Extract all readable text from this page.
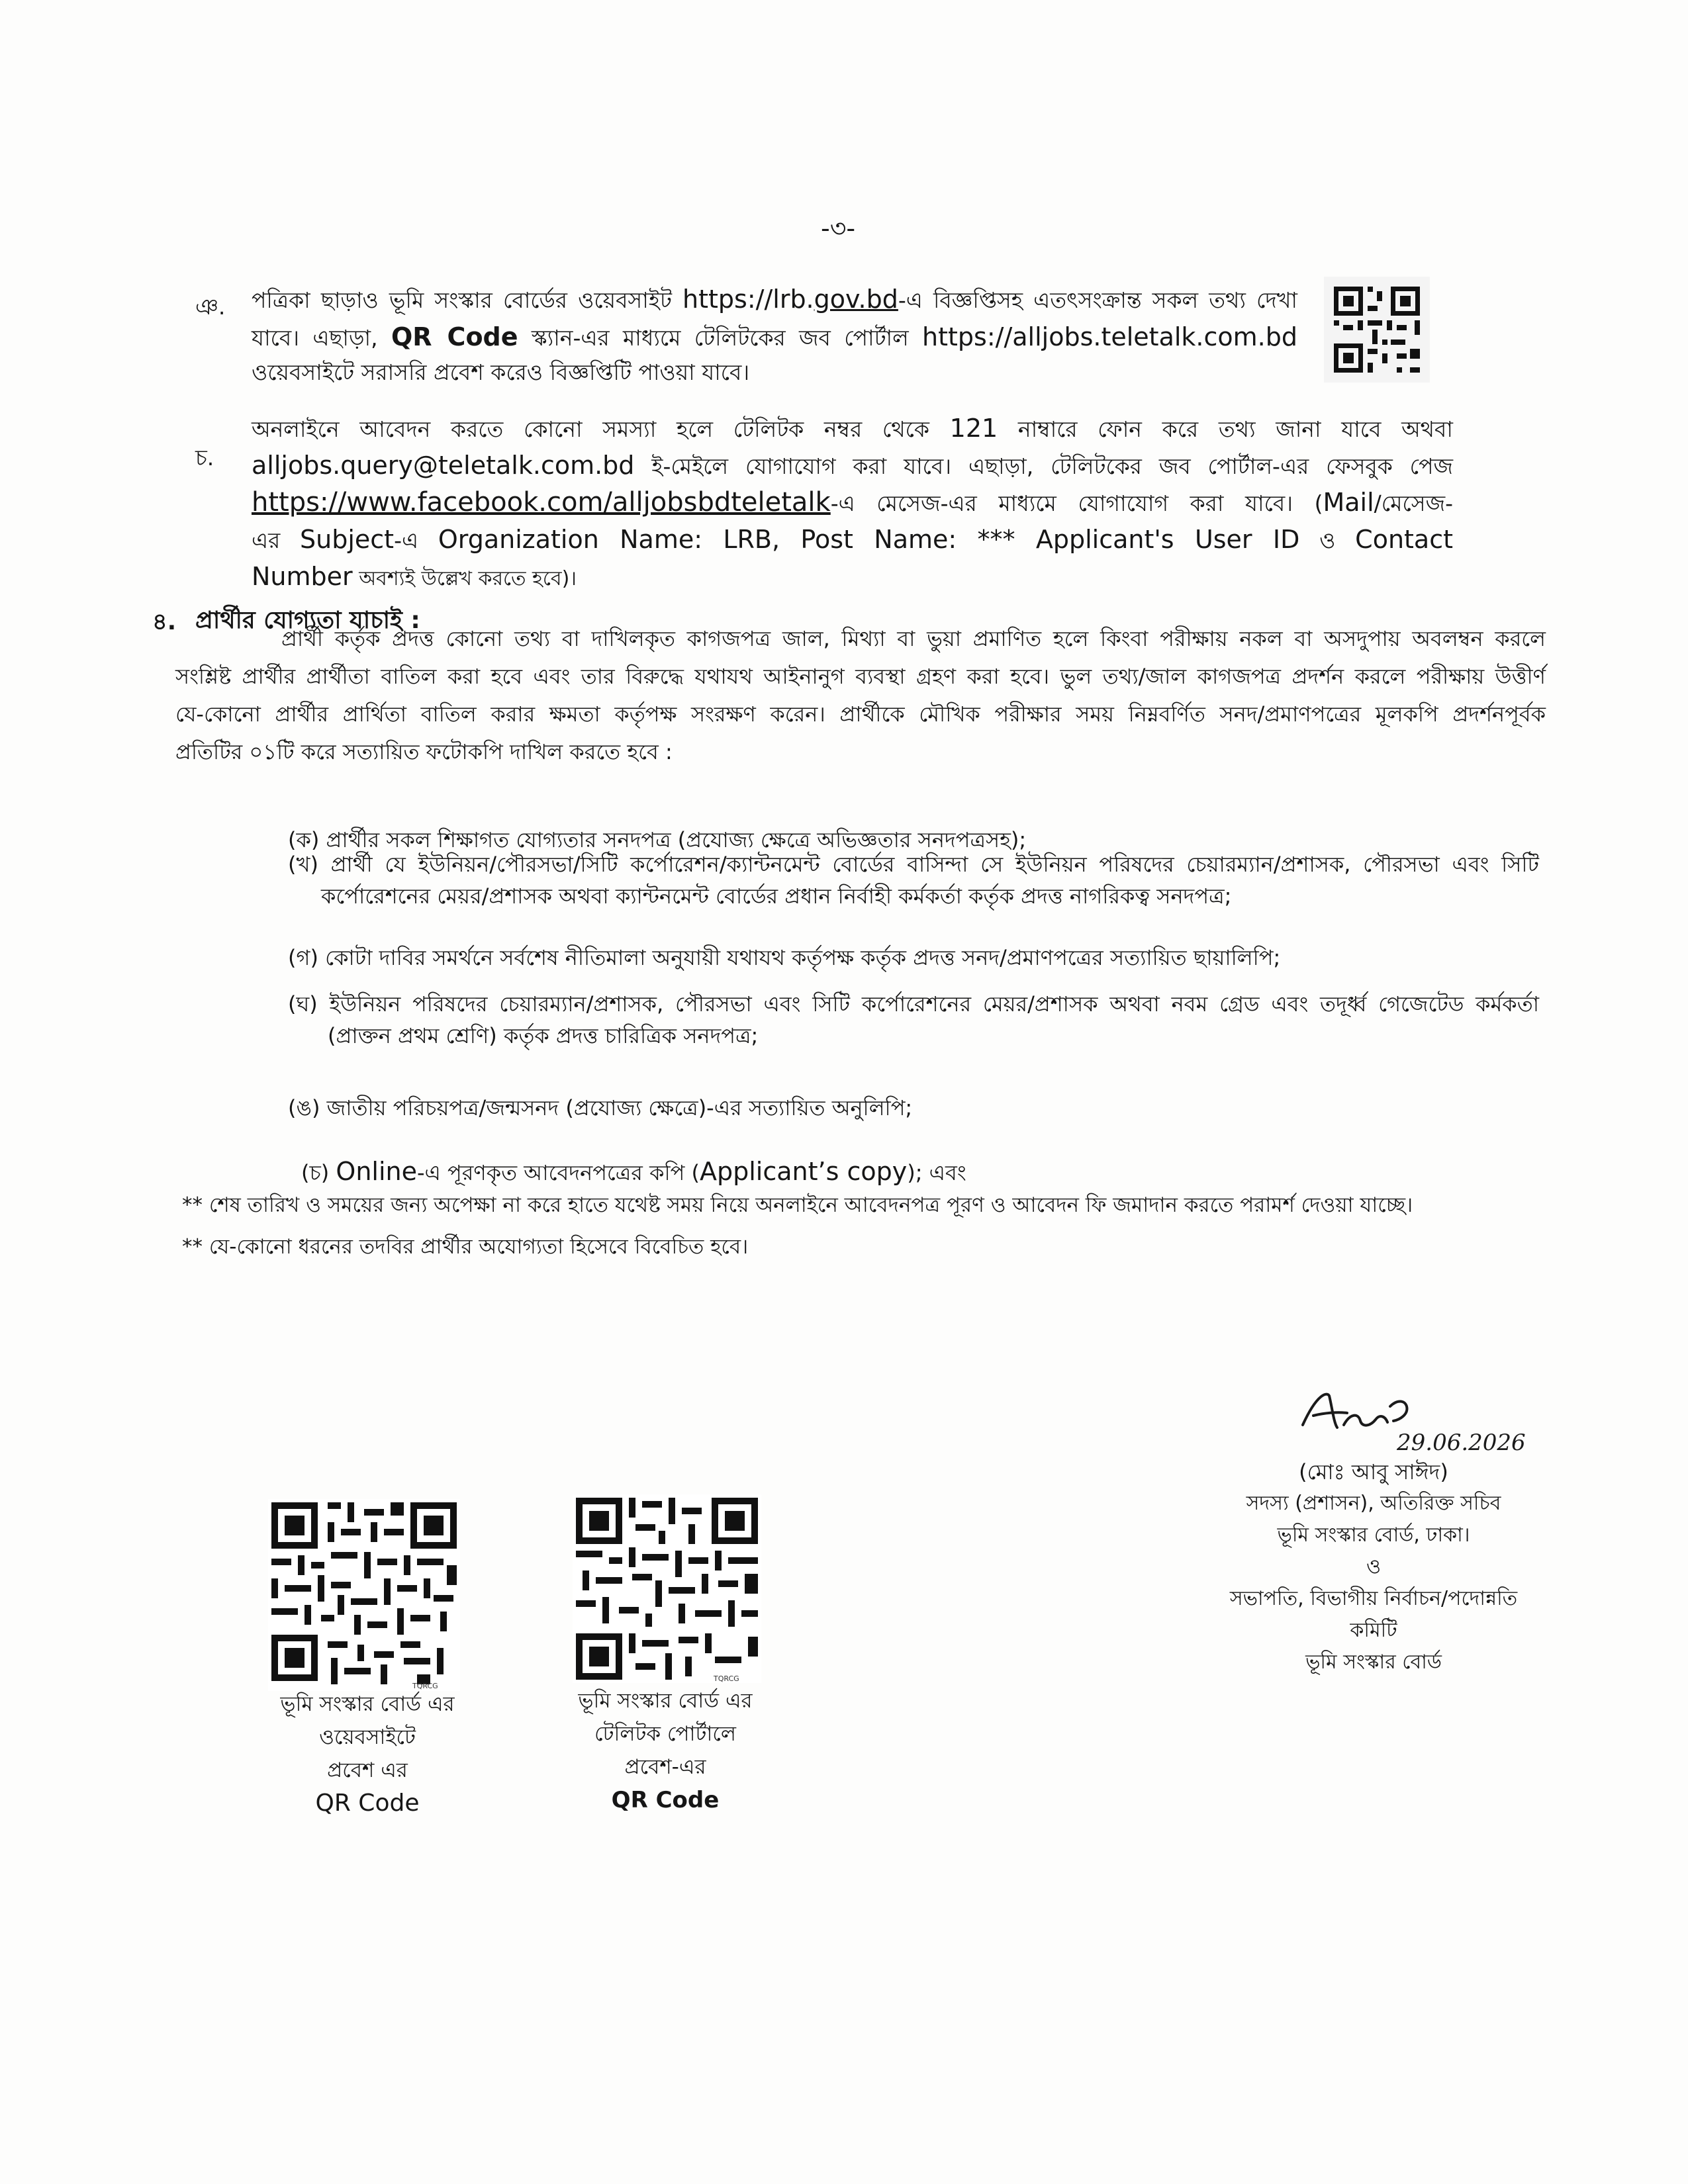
-৩-
ঞ. পত্রিকা ছাড়াও ভূমি সংস্কার বোর্ডের ওয়েবসাইট https://lrb.gov.bd-এ বিজ্ঞপ্তিসহ এতৎসংক্রান্ত সকল তথ্য দেখা
যাবে। এছাড়া, QR Code স্ক্যান-এর মাধ্যমে টেলিটকের জব পোর্টাল https://alljobs.teletalk.com.bd
ওয়েবসাইটে সরাসরি প্রবেশ করেও বিজ্ঞপ্তিটি পাওয়া যাবে।
চ.
অনলাইনে আবেদন করতে কোনো সমস্যা হলে টেলিটক নম্বর থেকে 121 নাম্বারে ফোন করে তথ্য জানা যাবে অথবা
alljobs.query@teletalk.com.bd ই-মেইলে যোগাযোগ করা যাবে। এছাড়া, টেলিটকের জব পোর্টাল-এর ফেসবুক পেজ
https://www.facebook.com/alljobsbdteletalk-এ মেসেজ-এর মাধ্যমে যোগাযোগ করা যাবে। (Mail/মেসেজ-
এর Subject-এ Organization Name: LRB, Post Name: *** Applicant's User ID ও Contact
Number অবশ্যই উল্লেখ করতে হবে)।
৪. প্রার্থীর যোগ্যতা যাচাই :
প্রার্থী কর্তৃক প্রদত্ত কোনো তথ্য বা দাখিলকৃত কাগজপত্র জাল, মিথ্যা বা ভুয়া প্রমাণিত হলে কিংবা পরীক্ষায় নকল বা অসদুপায় অবলম্বন করলে
সংশ্লিষ্ট প্রার্থীর প্রার্থীতা বাতিল করা হবে এবং তার বিরুদ্ধে যথাযথ আইনানুগ ব্যবস্থা গ্রহণ করা হবে। ভুল তথ্য/জাল কাগজপত্র প্রদর্শন করলে পরীক্ষায় উত্তীর্ণ
যে-কোনো প্রার্থীর প্রার্থিতা বাতিল করার ক্ষমতা কর্তৃপক্ষ সংরক্ষণ করেন। প্রার্থীকে মৌখিক পরীক্ষার সময় নিম্নবর্ণিত সনদ/প্রমাণপত্রের মূলকপি প্রদর্শনপূর্বক
প্রতিটির ০১টি করে সত্যায়িত ফটোকপি দাখিল করতে হবে :
(ক) প্রার্থীর সকল শিক্ষাগত যোগ্যতার সনদপত্র (প্রযোজ্য ক্ষেত্রে অভিজ্ঞতার সনদপত্রসহ);
(খ) প্রার্থী যে ইউনিয়ন/পৌরসভা/সিটি কর্পোরেশন/ক্যান্টনমেন্ট বোর্ডের বাসিন্দা সে ইউনিয়ন পরিষদের চেয়ারম্যান/প্রশাসক, পৌরসভা এবং সিটি
কর্পোরেশনের মেয়র/প্রশাসক অথবা ক্যান্টনমেন্ট বোর্ডের প্রধান নির্বাহী কর্মকর্তা কর্তৃক প্রদত্ত নাগরিকত্ব সনদপত্র;
(গ) কোটা দাবির সমর্থনে সর্বশেষ নীতিমালা অনুযায়ী যথাযথ কর্তৃপক্ষ কর্তৃক প্রদত্ত সনদ/প্রমাণপত্রের সত্যায়িত ছায়ালিপি;
(ঘ) ইউনিয়ন পরিষদের চেয়ারম্যান/প্রশাসক, পৌরসভা এবং সিটি কর্পোরেশনের মেয়র/প্রশাসক অথবা নবম গ্রেড এবং তদূর্ধ্ব গেজেটেড কর্মকর্তা
(প্রাক্তন প্রথম শ্রেণি) কর্তৃক প্রদত্ত চারিত্রিক সনদপত্র;
(ঙ) জাতীয় পরিচয়পত্র/জন্মসনদ (প্রযোজ্য ক্ষেত্রে)-এর সত্যায়িত অনুলিপি;
(চ) Online-এ পূরণকৃত আবেদনপত্রের কপি (Applicant’s copy); এবং
** শেষ তারিখ ও সময়ের জন্য অপেক্ষা না করে হাতে যথেষ্ট সময় নিয়ে অনলাইনে আবেদনপত্র পূরণ ও আবেদন ফি জমাদান করতে পরামর্শ দেওয়া যাচ্ছে।
** যে-কোনো ধরনের তদবির প্রার্থীর অযোগ্যতা হিসেবে বিবেচিত হবে।
29.06.2026
(মোঃ আবু সাঈদ)
সদস্য (প্রশাসন), অতিরিক্ত সচিব
ভূমি সংস্কার বোর্ড, ঢাকা।
ও
সভাপতি, বিভাগীয় নির্বাচন/পদোন্নতি
কমিটি
ভূমি সংস্কার বোর্ড
TQRCG
ভূমি সংস্কার বোর্ড এর
ওয়েবসাইটে
প্রবেশ এর
QR Code
TQRCG
ভূমি সংস্কার বোর্ড এর
টেলিটক পোর্টালে
প্রবেশ-এর
QR Code
